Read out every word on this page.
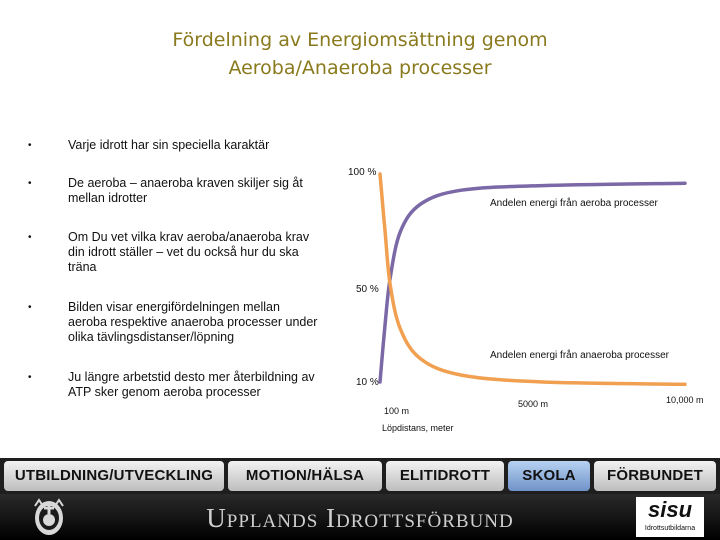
Fördelning av Energiomsättning genom
Aeroba/Anaeroba processer
•	Varje idrott har sin speciella karaktär
•	De aeroba – anaeroba kraven skiljer sig åt mellan idrotter
•	Om Du vet vilka krav aeroba/anaeroba krav din idrott ställer – vet du också hur du ska träna
•	Bilden visar energifördelningen mellan aeroba respektive anaeroba processer under olika tävlingsdistanser/löpning
•	Ju längre arbetstid desto mer återbildning av ATP sker genom aeroba processer
100 %
50 %
10 %
100 m
5000 m	10,000 m
Löpdistans, meter
Andelen energi från aeroba processer
Andelen energi från anaeroba processer
UTBILDNING/UTVECKLING	MOTION/HÄLSA	ELITIDROTT	SKOLA	FÖRBUNDET
Upplands Idrottsförbund	sisu
Idrottsutbildarna
